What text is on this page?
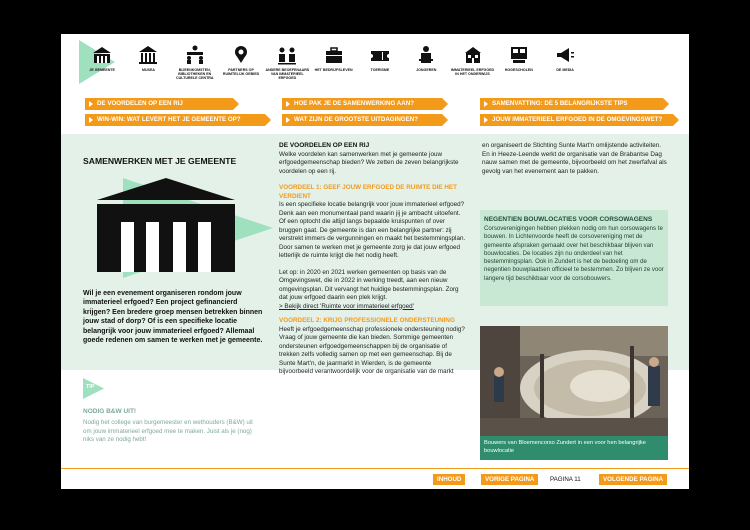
JE GEMEENTE	MUSEA	BIJEENKOMSTEN, BIBLIOTHEKEN EN CULTURELE CENTRA
PARTNERS OP RUIMTELIJK GEBIED
ANDERE BEOEFENAARS VAN IMMATERIEEL ERFGOED
HET BEDRIJFSLEVEN	TOERISME	JONGEREN	IMMATERIEEL ERFGOED IN HET ONDERWIJS
HOGESCHOLEN	DE MEDIA
DE VOORDELEN OP EEN RIJ
WIN-WIN: WAT LEVERT HET JE GEMEENTE OP?
HOE PAK JE DE SAMENWERKING AAN?
WAT ZIJN DE GROOTSTE UITDAGINGEN?
SAMENVATTING: DE 5 BELANGRIJKSTE TIPS
JOUW IMMATERIEEL ERFGOED IN DE OMGEVINGSWET?
SAMENWERKEN MET JE GEMEENTE
Wil je een evenement organiseren rondom jouw immaterieel erfgoed? Een project gefinancierd krijgen? Een bredere groep mensen betrekken binnen jouw stad of dorp? Of is een specifieke locatie belangrijk voor jouw immaterieel erfgoed? Allemaal goede redenen om samen te werken met je gemeente.
TIP
NODIG B&W UIT!
Nodig het college van burgemeester en wethouders (B&W) uit om jouw immaterieel erfgoed mee te maken. Juist als je (nog) niks van ze nodig hebt!
DE VOORDELEN OP EEN RIJ

Welke voordelen kan samenwerken met je gemeente jouw erfgoedgemeenschap bieden? We zetten de zeven belangrijkste voordelen op een rij.

VOORDEEL 1: GEEF JOUW ERFGOED DE RUIMTE DIE HET VERDIENT

Is een specifieke locatie belangrijk voor jouw immaterieel erfgoed? Denk aan een monumentaal pand waarin jij je ambacht uitoefent. Of een optocht die altijd langs bepaalde kruispunten of over bruggen gaat. De gemeente is dan een belangrijke partner: zij verstrekt immers de vergunningen en maakt het bestemmingsplan. Door samen te werken met je gemeente zorg je dat jouw erfgoed letterlijk de ruimte krijgt die het nodig heeft.

Let op: in 2020 en 2021 werken gemeenten op basis van de Omgevingswet, die in 2022 in werking treedt, aan een nieuw omgevingsplan. Dit vervangt het huidige bestemmingsplan. Zorg dat jouw erfgoed daarin een plek krijgt.

> Bekijk direct 'Ruimte voor immaterieel erfgoed'

VOORDEEL 2: KRIJG PROFESSIONELE ONDERSTEUNING

Heeft je erfgoedgemeenschap professionele ondersteuning nodig? Vraag of jouw gemeente die kan bieden. Sommige gemeenten ondersteunen erfgoedgemeenschappen bij de organisatie of trekken zelfs volledig samen op met een gemeenschap. Bij de Sunte Mart'n, de jaarmarkt in Wierden, is de gemeente bijvoorbeeld verantwoordelijk voor de organisatie van de markt

en organiseert de Stichting Sunte Mart'n omlijstende activiteiten. En in Heeze-Leende werkt de organisatie van de Brabantse Dag nauw samen met de gemeente, bijvoorbeeld om het zwerfafval als gevolg van het evenement aan te pakken.
NEGENTIEN BOUWLOCATIES VOOR CORSOWAGENS
Corsoverenigingen hebben plekken nodig om hun corsowagens te bouwen. In Lichtenvoorde heeft de corsovereniging met de gemeente afspraken gemaakt over het beschikbaar blijven van bouwlocaties. De locaties zijn nu onderdeel van het bestemmingsplan. Ook in Zundert is het de bedoeling om de negentien bouwplaatsen officieel te bestemmen. Zo blijven ze voor langere tijd beschikbaar voor de corsobouwers.
Bouwers van Bloemencorso Zundert in een voor hen belangrijke bouwlocatie
INHOUD	VORIGE PAGINA	PAGINA 11	VOLGENDE PAGINA
